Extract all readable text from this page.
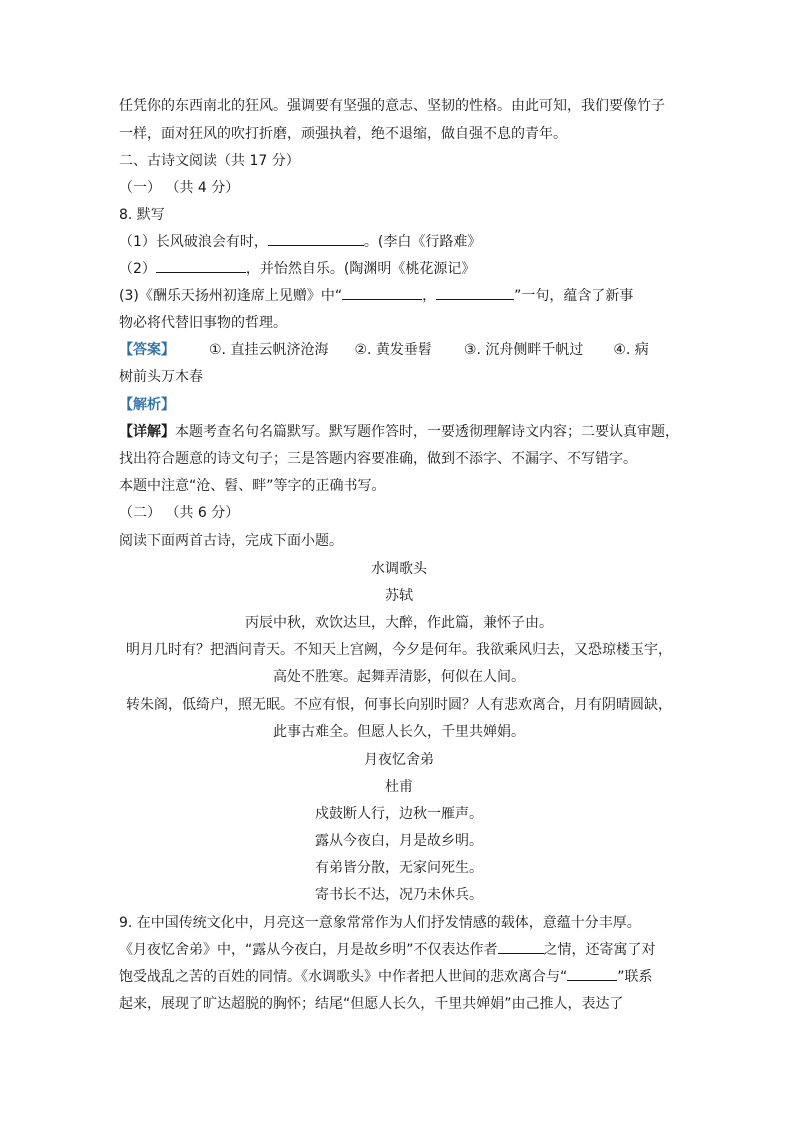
任凭你的东西南北的狂风。强调要有坚强的意志、坚韧的性格。由此可知，我们要像竹子
一样，面对狂风的吹打折磨，顽强执着，绝不退缩，做自强不息的青年。
二、古诗文阅读（共 17 分）
（一） （共 4 分）
8. 默写
（1）长风破浪会有时，	。(李白《行路难》
（2）	，并怡然自乐。(陶渊明《桃花源记》
(3)《酬乐天扬州初逢席上见赠》中“	，	”一句，蕴含了新事
物必将代替旧事物的哲理。
【答案】 ①. 直挂云帆济沧海 ②. 黄发垂髫 ③. 沉舟侧畔千帆过 ④. 病
树前头万木春
【解析】
【详解】本题考查名句名篇默写。默写题作答时，一要透彻理解诗文内容；二要认真审题，
找出符合题意的诗文句子；三是答题内容要准确，做到不添字、不漏字、不写错字。
本题中注意“沧、髫、畔”等字的正确书写。
（二） （共 6 分）
阅读下面两首古诗，完成下面小题。
水调歌头
苏轼
丙辰中秋，欢饮达旦，大醉，作此篇，兼怀子由。
明月几时有？把酒问青天。不知天上宫阙，今夕是何年。我欲乘风归去，又恐琼楼玉宇，
高处不胜寒。起舞弄清影，何似在人间。
转朱阁，低绮户，照无眠。不应有恨，何事长向别时圆？人有悲欢离合，月有阴晴圆缺，
此事古难全。但愿人长久，千里共婵娟。
月夜忆舍弟
杜甫
戍鼓断人行，边秋一雁声。
露从今夜白，月是故乡明。
有弟皆分散，无家问死生。
寄书长不达，况乃未休兵。
9. 在中国传统文化中，月亮这一意象常常作为人们抒发情感的载体，意蕴十分丰厚。
《月夜忆舍弟》中，“露从今夜白，月是故乡明”不仅表达作者	之情，还寄寓了对
饱受战乱之苦的百姓的同情。《水调歌头》中作者把人世间的悲欢离合与“	”联系
起来，展现了旷达超脱的胸怀；结尾“但愿人长久，千里共婵娟”由己推人，表达了
